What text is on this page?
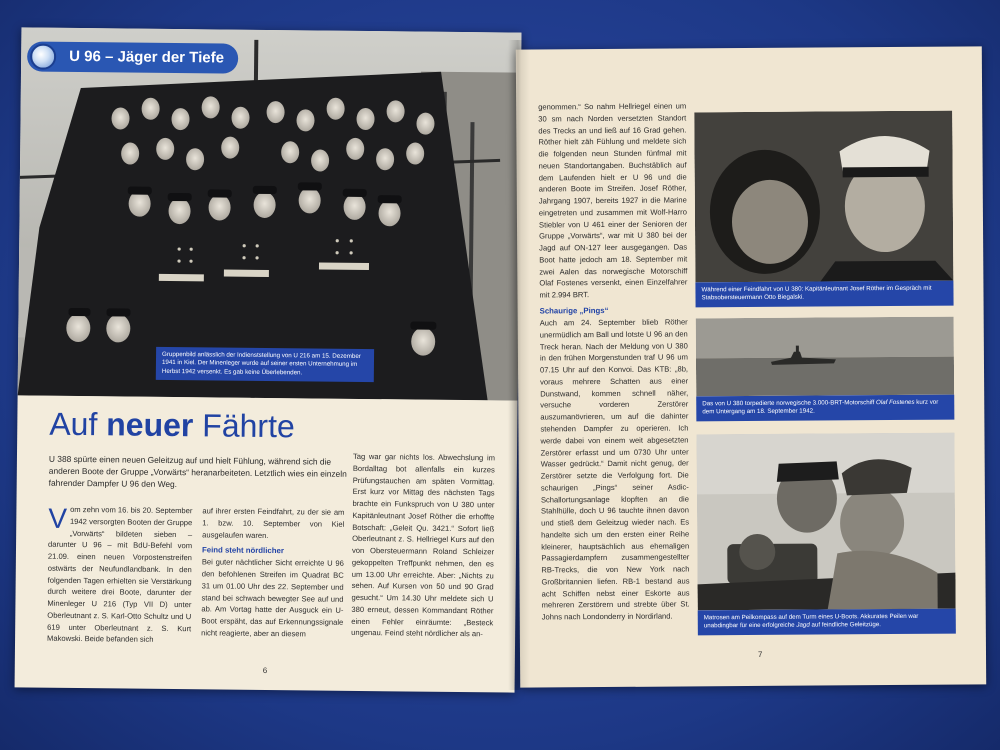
U 96 – Jäger der Tiefe
Gruppenbild anlässlich der Indienststellung von U 216 am 15. Dezember 1941 in Kiel. Der Minenleger wurde auf seiner ersten Unternehmung im Herbst 1942 versenkt. Es gab keine Überlebenden.
Auf neuer Fährte
U 388 spürte einen neuen Geleitzug auf und hielt Fühlung, während sich die anderen Boote der Gruppe „Vorwärts“ heranarbeiteten. Letztlich wies ein einzeln fahrender Dampfer U 96 den Weg.

Vom zehn vom 16. bis 20. September 1942 versorgten Booten der Gruppe „Vorwärts“ bildeten sieben – darunter U 96 – mit BdU-Befehl vom 21.09. einen neuen Vorpostenstreifen ostwärts der Neufundlandbank. In den folgenden Tagen erhielten sie Verstärkung durch weitere drei Boote, darunter der Minenleger U 216 (Typ VII D) unter Oberleutnant z. S. Karl-Otto Schultz und U 619 unter Oberleutnant z. S. Kurt Makowski. Beide befanden sich

auf ihrer ersten Feindfahrt, zu der sie am 1. bzw. 10. September von Kiel ausgelaufen waren.

Feind steht nördlicher

Bei guter nächtlicher Sicht erreichte U 96 den befohlenen Streifen im Quadrat BC 31 um 01.00 Uhr des 22. September und stand bei schwach bewegter See auf und ab. Am Vortag hatte der Ausguck ein U-Boot erspäht, das auf Erkennungssignale nicht reagierte, aber an diesem

Tag war gar nichts los. Abwechslung im Bordalltag bot allenfalls ein kurzes Prüfungstauchen am späten Vormittag. Erst kurz vor Mittag des nächsten Tags brachte ein Funkspruch von U 380 unter Kapitänleutnant Josef Röther die erhoffte Botschaft: „Geleit Qu. 3421.“ Sofort ließ Oberleutnant z. S. Hellriegel Kurs auf den von Obersteuermann Roland Schleizer gekoppelten Treffpunkt nehmen, den es um 13.00 Uhr erreichte. Aber: „Nichts zu sehen. Auf Kursen von 50 und 90 Grad gesucht.“ Um 14.30 Uhr meldete sich U 380 erneut, dessen Kommandant Röther einen Fehler einräumte: „Besteck ungenau. Feind steht nördlicher als an-

6

genommen.“ So nahm Hellriegel einen um 30 sm nach Norden versetzten Standort des Trecks an und ließ auf 16 Grad gehen. Röther hielt zäh Fühlung und meldete sich die folgenden neun Stunden fünfmal mit neuen Standortangaben. Buchstäblich auf dem Laufenden hielt er U 96 und die anderen Boote im Streifen. Josef Röther, Jahrgang 1907, bereits 1927 in die Marine eingetreten und zusammen mit Wolf-Harro Stiebler von U 461 einer der Senioren der Gruppe „Vorwärts“, war mit U 380 bei der Jagd auf ON-127 leer ausgegangen. Das Boot hatte jedoch am 18. September mit zwei Aalen das norwegische Motorschiff Olaf Fostenes versenkt, einen Einzelfahrer mit 2.994 BRT.

Schaurige „Pings“

Auch am 24. September blieb Röther unermüdlich am Ball und lotste U 96 an den Treck heran. Nach der Meldung von U 380 in den frühen Morgenstunden traf U 96 um 07.15 Uhr auf den Konvoi. Das KTB: „8b, voraus mehrere Schatten aus einer Dunstwand, kommen schnell näher, versuche vorderen Zerstörer auszumanövrieren, um auf die dahinter stehenden Dampfer zu operieren. Ich werde dabei von einem weit abgesetzten Zerstörer erfasst und um 0730 Uhr unter Wasser gedrückt.“ Damit nicht genug, der Zerstörer setzte die Verfolgung fort. Die schaurigen „Pings“ seiner Asdic-Schallortungsanlage klopften an die Stahlhülle, doch U 96 tauchte ihnen davon und stieß dem Geleitzug wieder nach. Es handelte sich um den ersten einer Reihe kleinerer, hauptsächlich aus ehemaligen Passagierdampfern zusammengestellter RB-Trecks, die von New York nach Großbritannien liefen. RB-1 bestand aus acht Schiffen nebst einer Eskorte aus mehreren Zerstörern und strebte über St. Johns nach Londonderry in Nordirland.

Während einer Feindfahrt von U 380: Kapitänleutnant Josef Röther im Gespräch mit Stabsobersteuermann Otto Biegalski.
Das von U 380 torpedierte norwegische 3.000-BRT-Motorschiff Olaf Fostenes kurz vor dem Untergang am 18. September 1942.
Matrosen am Peilkompass auf dem Turm eines U-Boots. Akkurates Peilen war unabdingbar für eine erfolgreiche Jagd auf feindliche Geleitzüge.
7
